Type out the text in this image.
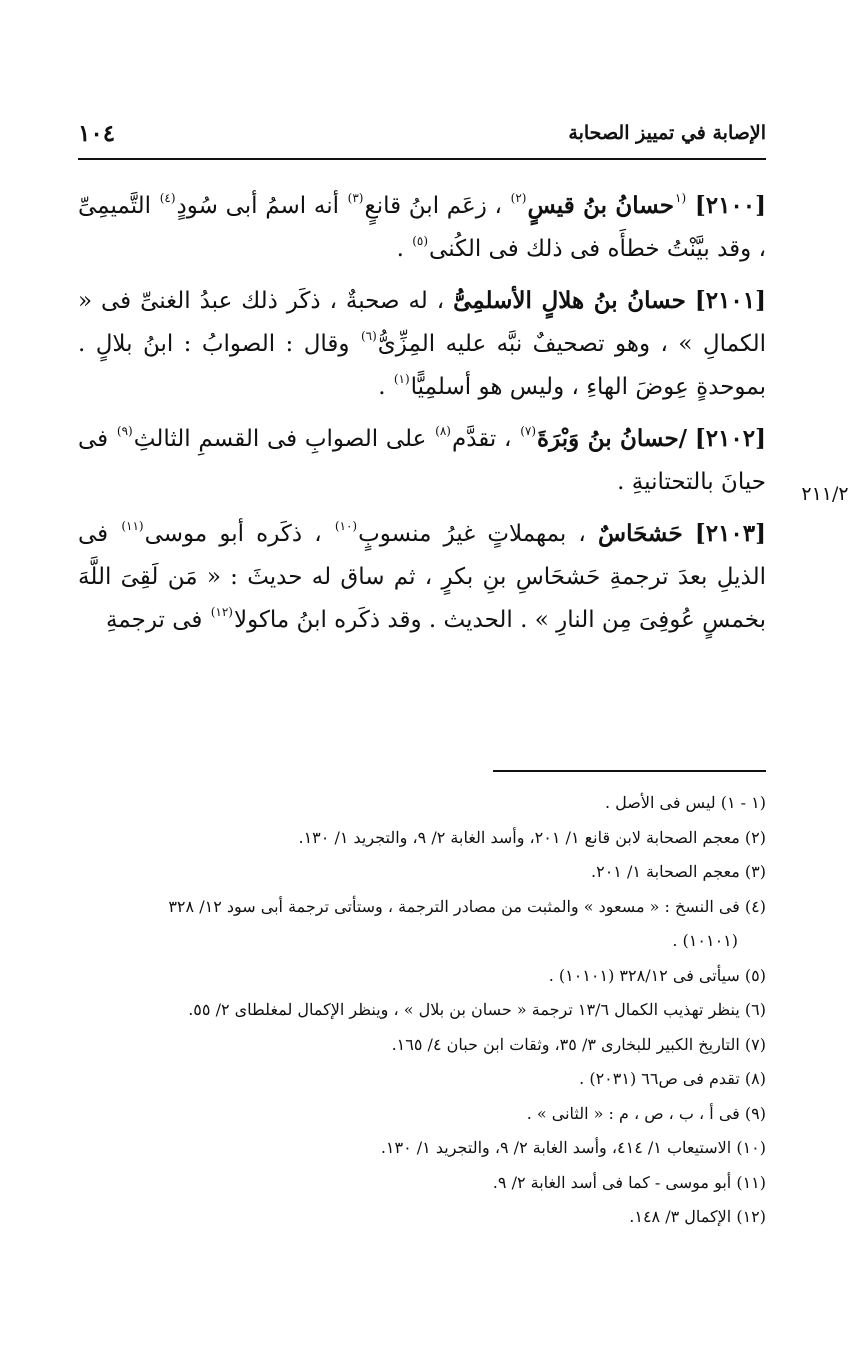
الإصابة في تمييز الصحابة
١٠٤
٢١١/٢

[٢١٠٠] $^{(١}$حسانُ بنُ قيسٍ$^{(٢)}$ ، زعَم ابنُ قانعٍ$^{(٣)}$ أنه اسمُ أبى سُودٍ$^{(٤)}$ التَّميمِىِّ ، وقد بيَّنْتُ خطأَه فى ذلك فى الكُنى$^{(٥)}$ .

[٢١٠١] حسانُ بنُ هلالٍ الأسلمِىُّ ، له صحبةٌ ، ذكَر ذلك عبدُ الغنىِّ فى « الكمالِ » ، وهو تصحيفٌ نبَّه عليه المِزِّىُّ$^{(٦)}$ وقال : الصوابُ : ابنُ بلالٍ . بموحدةٍ عِوضَ الهاءِ ، وليس هو أسلمِيًّا$^{(١)}$ .

[٢١٠٢] /حسانُ بنُ وَبْرَةَ$^{(٧)}$ ، تقدَّم$^{(٨)}$ على الصوابِ فى القسمِ الثالثِ$^{(٩)}$ فى حيانَ بالتحتانيةِ .

[٢١٠٣] حَشحَاسٌ ، بمهملاتٍ غيرُ منسوبٍ$^{(١٠)}$ ، ذكَره أبو موسى$^{(١١)}$ فى الذيلِ بعدَ ترجمةِ حَشحَاسِ بنِ بكرٍ ، ثم ساق له حديثَ : « مَن لَقِىَ اللَّهَ بخمسٍ عُوفِىَ مِن النارِ » . الحديث . وقد ذكَره ابنُ ماكولا$^{(١٢)}$ فى ترجمةِ

(١ - ١) ليس فى الأصل .

(٢) معجم الصحابة لابن قانع ١/ ٢٠١، وأسد الغابة ٢/ ٩، والتجريد ١/ ١٣٠.

(٣) معجم الصحابة ١/ ٢٠١.

(٤) فى النسخ : « مسعود » والمثبت من مصادر الترجمة ، وستأتى ترجمة أبى سود ١٢/ ٣٢٨

(١٠١٠١) .

(٥) سيأتى فى ٣٢٨/١٢ (١٠١٠١) .

(٦) ينظر تهذيب الكمال ١٣/٦ ترجمة « حسان بن بلال » ، وينظر الإكمال لمغلطاى ٢/ ٥٥.

(٧) التاريخ الكبير للبخارى ٣/ ٣٥، وثقات ابن حبان ٤/ ١٦٥.

(٨) تقدم فى ص٦٦ (٢٠٣١) .

(٩) فى أ ، ب ، ص ، م : « الثانى » .

(١٠) الاستيعاب ١/ ٤١٤، وأسد الغابة ٢/ ٩، والتجريد ١/ ١٣٠.

(١١) أبو موسى - كما فى أسد الغابة ٢/ ٩.

(١٢) الإكمال ٣/ ١٤٨.
